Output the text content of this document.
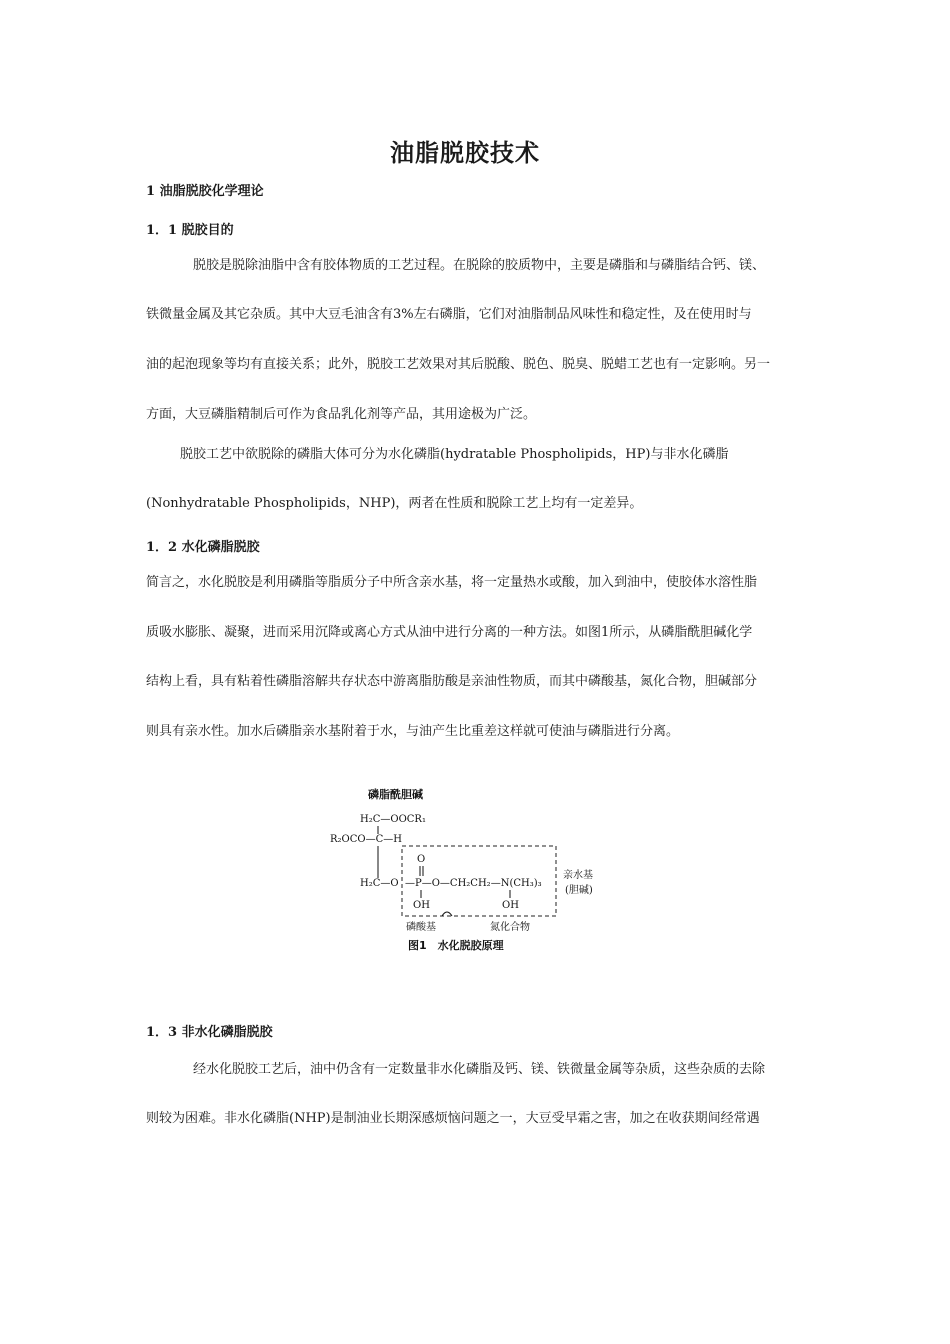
油脂脱胶技术

1 油脂脱胶化学理论

1．1 脱胶目的

脱胶是脱除油脂中含有胶体物质的工艺过程。在脱除的胶质物中，主要是磷脂和与磷脂结合钙、镁、

铁微量金属及其它杂质。其中大豆毛油含有3%左右磷脂，它们对油脂制品风味性和稳定性，及在使用时与

油的起泡现象等均有直接关系；此外，脱胶工艺效果对其后脱酸、脱色、脱臭、脱蜡工艺也有一定影响。另一

方面，大豆磷脂精制后可作为食品乳化剂等产品，其用途极为广泛。

脱胶工艺中欲脱除的磷脂大体可分为水化磷脂(hydratable Phospholipids，HP)与非水化磷脂

(Nonhydratable Phospholipids，NHP)，两者在性质和脱除工艺上均有一定差异。

1．2 水化磷脂脱胶

简言之，水化脱胶是利用磷脂等脂质分子中所含亲水基，将一定量热水或酸，加入到油中，使胶体水溶性脂

质吸水膨胀、凝聚，进而采用沉降或离心方式从油中进行分离的一种方法。如图1所示，从磷脂酰胆碱化学

结构上看，具有粘着性磷脂溶解共存状态中游离脂肪酸是亲油性物质，而其中磷酸基，氮化合物，胆碱部分

则具有亲水性。加水后磷脂亲水基附着于水，与油产生比重差这样就可使油与磷脂进行分离。

磷脂酰胆碱
H₂C—OOCR₁
R₂OCO—C—H
O
H₂C—O —P—O—CH₂CH₂—N(CH₃)₃
OH	OH
亲水基
(胆碱)
磷酸基	氮化合物
图1　水化脱胶原理

1．3 非水化磷脂脱胶

经水化脱胶工艺后，油中仍含有一定数量非水化磷脂及钙、镁、铁微量金属等杂质，这些杂质的去除

则较为困难。非水化磷脂(NHP)是制油业长期深感烦恼问题之一，大豆受早霜之害，加之在收获期间经常遇
